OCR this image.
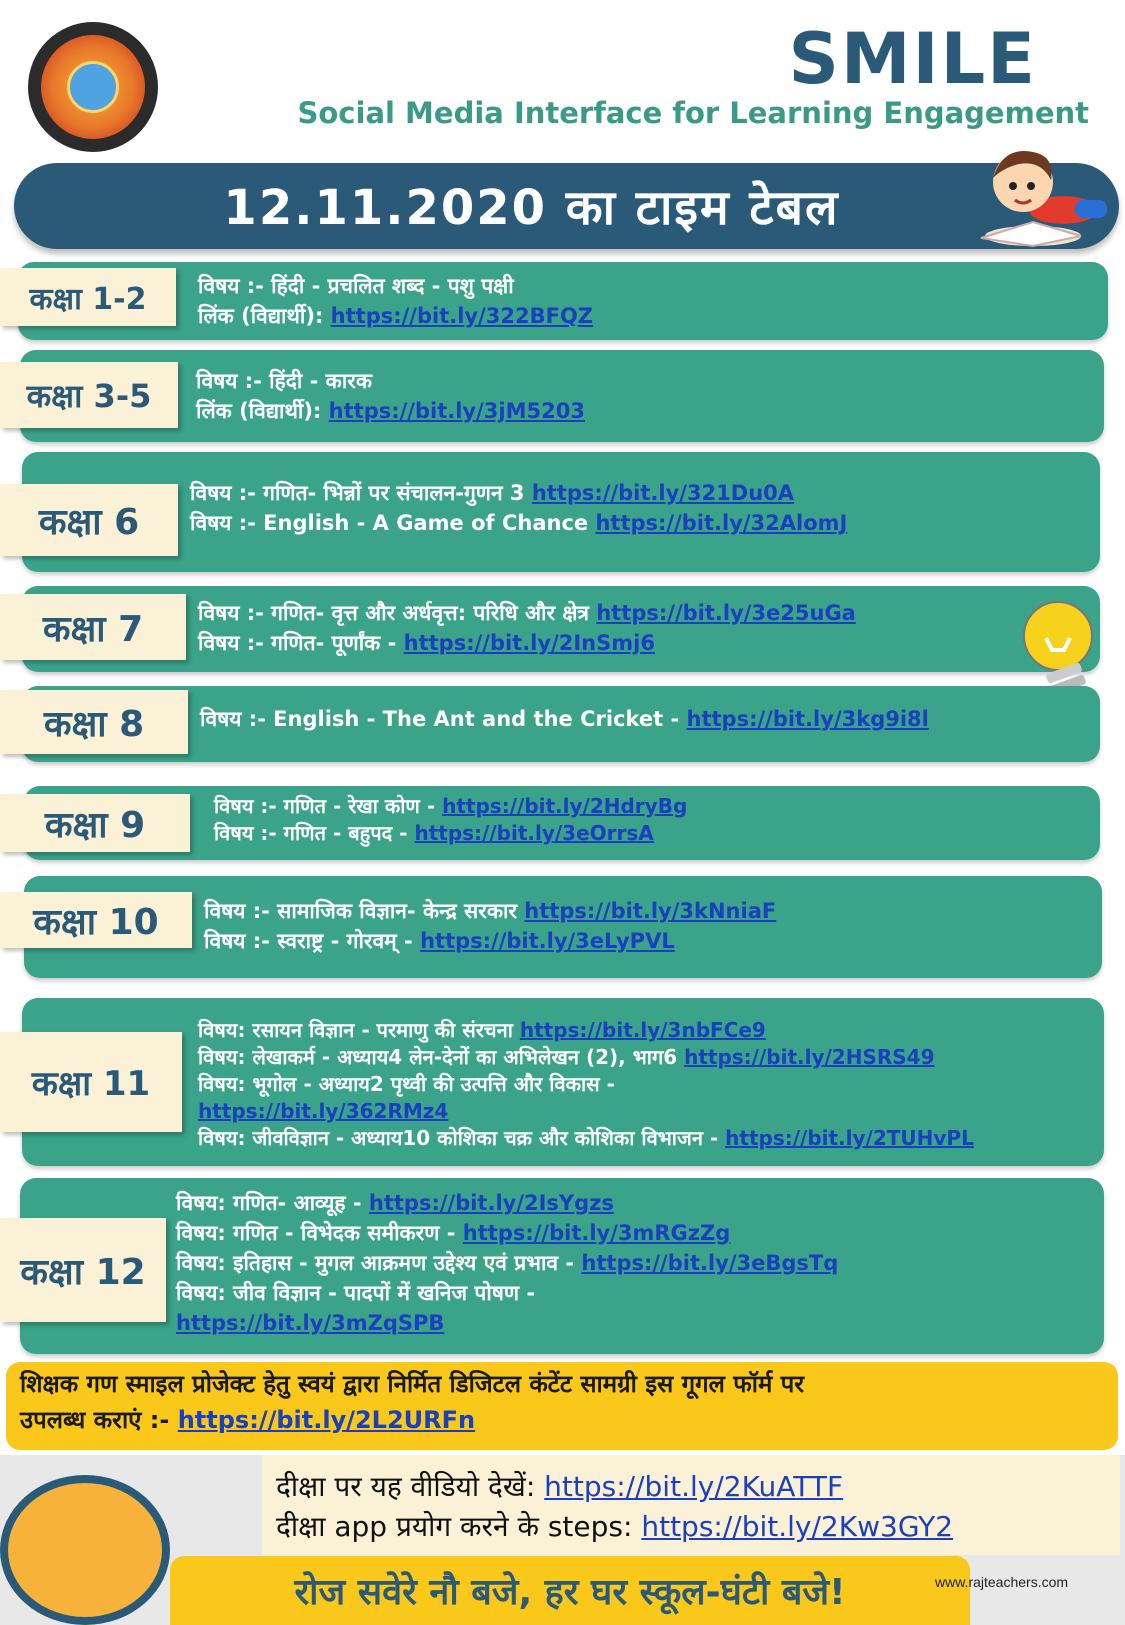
SMILE
Social Media Interface for Learning Engagement
12.11.2020 का टाइम टेबल
कक्षा 1-2	विषय :- हिंदी - प्रचलित शब्द - पशु पक्षी
लिंक (विद्यार्थी): https://bit.ly/322BFQZ
कक्षा 3-5	विषय :- हिंदी - कारक
लिंक (विद्यार्थी): https://bit.ly/3jM5203
कक्षा 6
विषय :- गणित- भिन्नों पर संचालन-गुणन 3 https://bit.ly/321Du0A
विषय :- English - A Game of Chance https://bit.ly/32AlomJ
कक्षा 7	विषय :- गणित- वृत्त और अर्धवृत्त: परिधि और क्षेत्र https://bit.ly/3e25uGa
विषय :- गणित- पूर्णांक - https://bit.ly/2InSmj6
कक्षा 8	विषय :- English - The Ant and the Cricket - https://bit.ly/3kg9i8l
कक्षा 9	विषय :- गणित - रेखा कोण - https://bit.ly/2HdryBg
विषय :- गणित - बहुपद - https://bit.ly/3eOrrsA
कक्षा 10	विषय :- सामाजिक विज्ञान- केन्द्र सरकार https://bit.ly/3kNniaF
विषय :- स्वराष्ट्र - गोरवम् - https://bit.ly/3eLyPVL
कक्षा 11
विषय: रसायन विज्ञान - परमाणु की संरचना https://bit.ly/3nbFCe9
विषय: लेखाकर्म - अध्याय4 लेन-देनों का अभिलेखन (2), भाग6 https://bit.ly/2HSRS49
विषय: भूगोल - अध्याय2 पृथ्वी की उत्पत्ति और विकास -
https://bit.ly/362RMz4
विषय: जीवविज्ञान - अध्याय10 कोशिका चक्र और कोशिका विभाजन - https://bit.ly/2TUHvPL
कक्षा 12
विषय: गणित- आव्यूह - https://bit.ly/2IsYgzs
विषय: गणित - विभेदक समीकरण - https://bit.ly/3mRGzZg
विषय: इतिहास - मुगल आक्रमण उद्देश्य एवं प्रभाव - https://bit.ly/3eBgsTq
विषय: जीव विज्ञान - पादपों में खनिज पोषण -
https://bit.ly/3mZqSPB
शिक्षक गण स्माइल प्रोजेक्ट हेतु स्वयं द्वारा निर्मित डिजिटल कंटेंट सामग्री इस गूगल फॉर्म पर
उपलब्ध कराएं :- https://bit.ly/2L2URFn
दीक्षा पर यह वीडियो देखें: https://bit.ly/2KuATTF
दीक्षा app प्रयोग करने के steps: https://bit.ly/2Kw3GY2
रोज सवेरे नौ बजे, हर घर स्कूल-घंटी बजे!	www.rajteachers.com
